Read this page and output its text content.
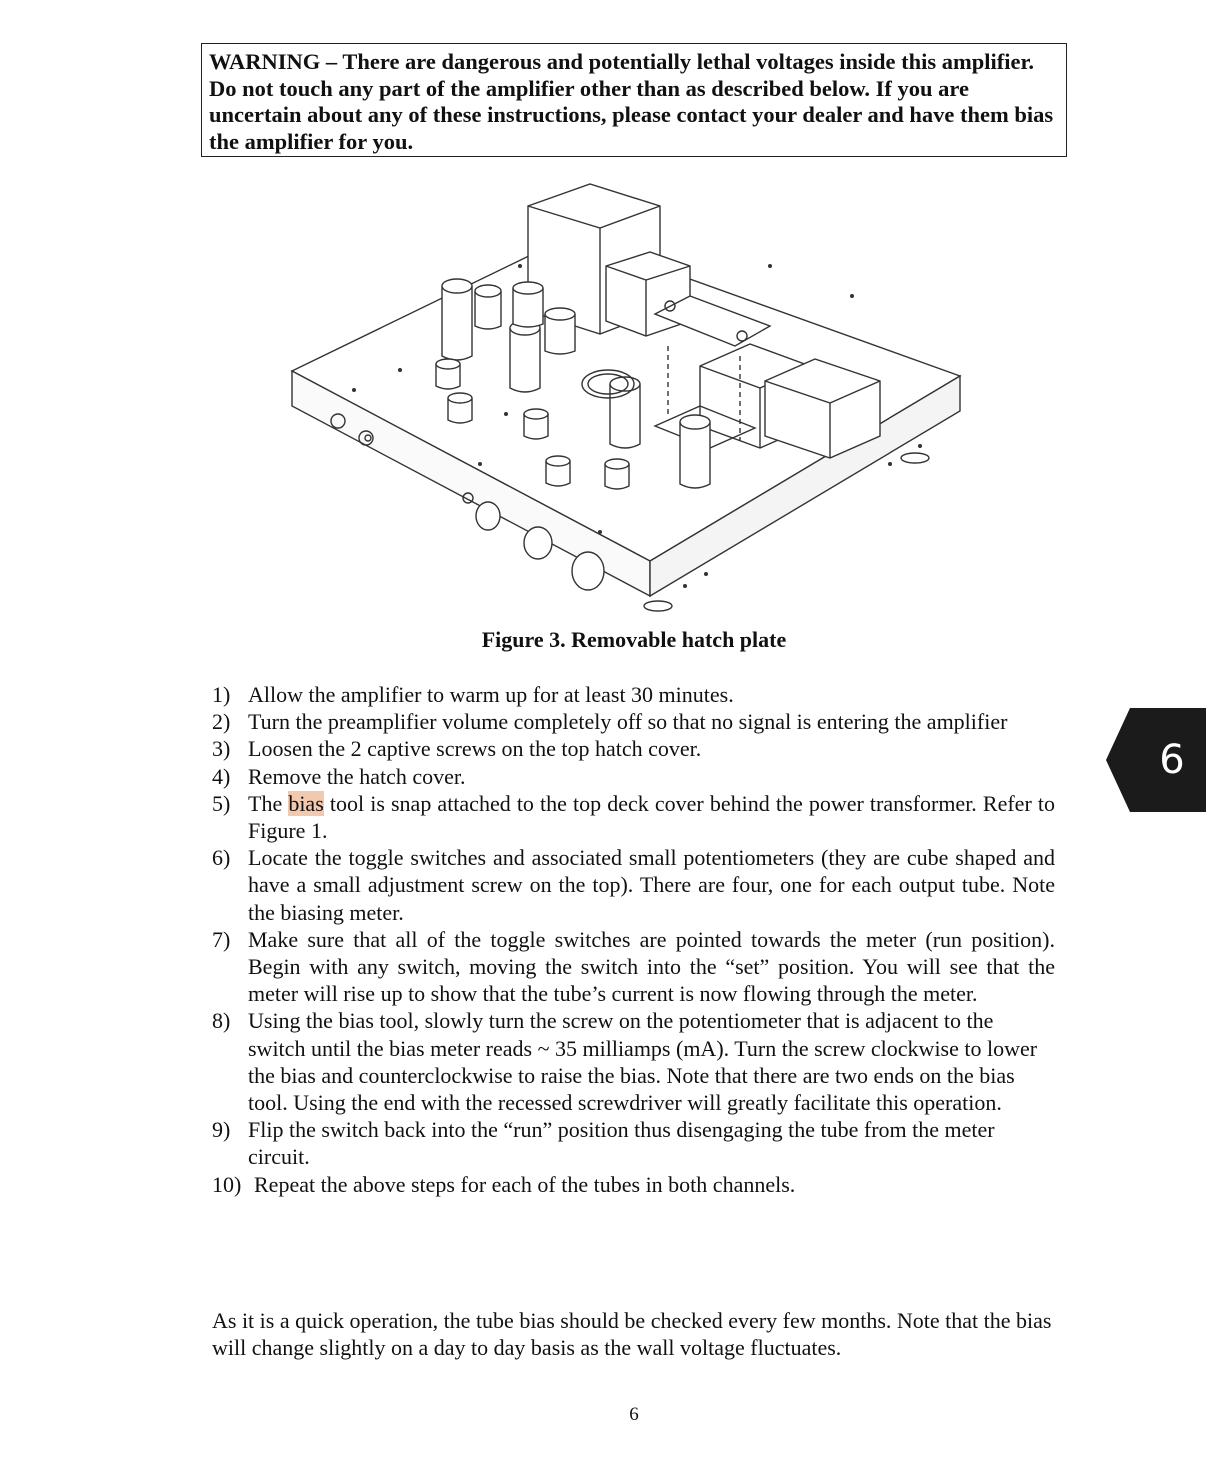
WARNING – There are dangerous and potentially lethal voltages inside this amplifier. Do not touch any part of the amplifier other than as described below. If you are uncertain about any of these instructions, please contact your dealer and have them bias the amplifier for you.
Figure 3. Removable hatch plate
1) Allow the amplifier to warm up for at least 30 minutes.
2) Turn the preamplifier volume completely off so that no signal is entering the amplifier
3) Loosen the 2 captive screws on the top hatch cover.
4) Remove the hatch cover.
5) The bias tool is snap attached to the top deck cover behind the power transformer. Refer to Figure 1.
6) Locate the toggle switches and associated small potentiometers (they are cube shaped and have a small adjustment screw on the top). There are four, one for each output tube. Note the biasing meter.
7) Make sure that all of the toggle switches are pointed towards the meter (run position). Begin with any switch, moving the switch into the “set” position. You will see that the meter will rise up to show that the tube’s current is now flowing through the meter.
8) Using the bias tool, slowly turn the screw on the potentiometer that is adjacent to the switch until the bias meter reads ~ 35 milliamps (mA). Turn the screw clockwise to lower the bias and counterclockwise to raise the bias. Note that there are two ends on the bias tool. Using the end with the recessed screwdriver will greatly facilitate this operation.
9) Flip the switch back into the “run” position thus disengaging the tube from the meter circuit.
10) Repeat the above steps for each of the tubes in both channels.

As it is a quick operation, the tube bias should be checked every few months. Note that the bias will change slightly on a day to day basis as the wall voltage fluctuates.

6
6
